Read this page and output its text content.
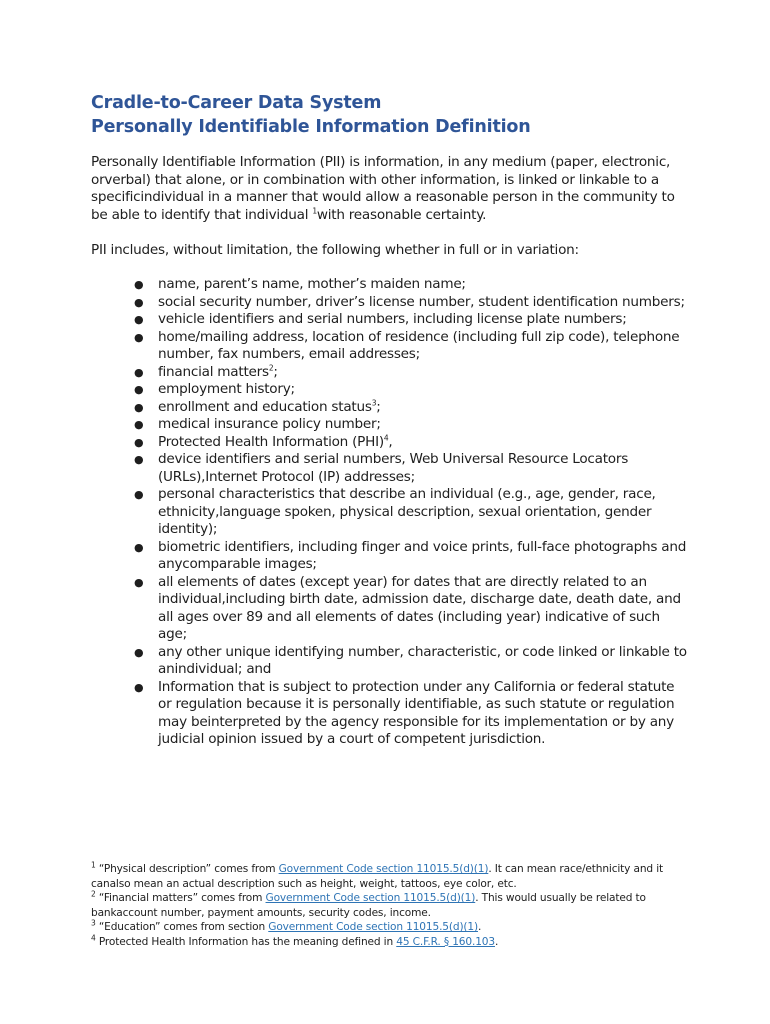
Cradle-to-Career Data System
Personally Identifiable Information Definition

Personally Identifiable Information (PII) is information, in any medium (paper, electronic, orverbal) that alone, or in combination with other information, is linked or linkable to a specificindividual in a manner that would allow a reasonable person in the community to be able to identify that individual $^1$with reasonable certainty.

PII includes, without limitation, the following whether in full or in variation:

● name, parent’s name, mother’s maiden name;
● social security number, driver’s license number, student identification numbers;
● vehicle identifiers and serial numbers, including license plate numbers;
● home/mailing address, location of residence (including full zip code), telephone number, fax numbers, email addresses;
● financial matters$^2$;
● employment history;
● enrollment and education status$^3$;
● medical insurance policy number;
● Protected Health Information (PHI)$^4$,
● device identifiers and serial numbers, Web Universal Resource Locators (URLs),Internet Protocol (IP) addresses;
● personal characteristics that describe an individual (e.g., age, gender, race, ethnicity,language spoken, physical description, sexual orientation, gender identity);
● biometric identifiers, including finger and voice prints, full-face photographs and anycomparable images;
● all elements of dates (except year) for dates that are directly related to an individual,including birth date, admission date, discharge date, death date, and all ages over 89 and all elements of dates (including year) indicative of such age;
● any other unique identifying number, characteristic, or code linked or linkable to anindividual; and
● Information that is subject to protection under any California or federal statute or regulation because it is personally identifiable, as such statute or regulation may beinterpreted by the agency responsible for its implementation or by any judicial opinion issued by a court of competent jurisdiction.

$^1$ “Physical description” comes from Government Code section 11015.5(d)(1). It can mean race/ethnicity and it canalso mean an actual description such as height, weight, tattoos, eye color, etc.

$^2$ “Financial matters” comes from Government Code section 11015.5(d)(1). This would usually be related to bankaccount number, payment amounts, security codes, income.

$^3$ “Education” comes from section Government Code section 11015.5(d)(1).

$^4$ Protected Health Information has the meaning defined in 45 C.F.R. § 160.103.
